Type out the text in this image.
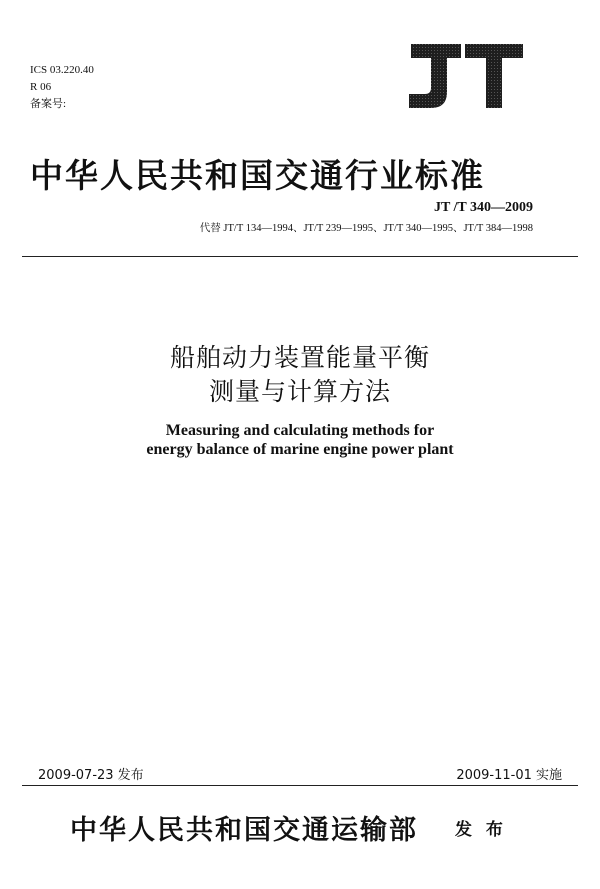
ICS 03.220.40
R 06
备案号:
中华人民共和国交通行业标准
JT /T 340—2009
代替 JT/T 134—1994、JT/T 239—1995、JT/T 340—1995、JT/T 384—1998
船舶动力装置能量平衡
测量与计算方法
Measuring and calculating methods for
energy balance of marine engine power plant
2009-07-23 发布	2009-11-01 实施
中华人民共和国交通运输部 发 布
